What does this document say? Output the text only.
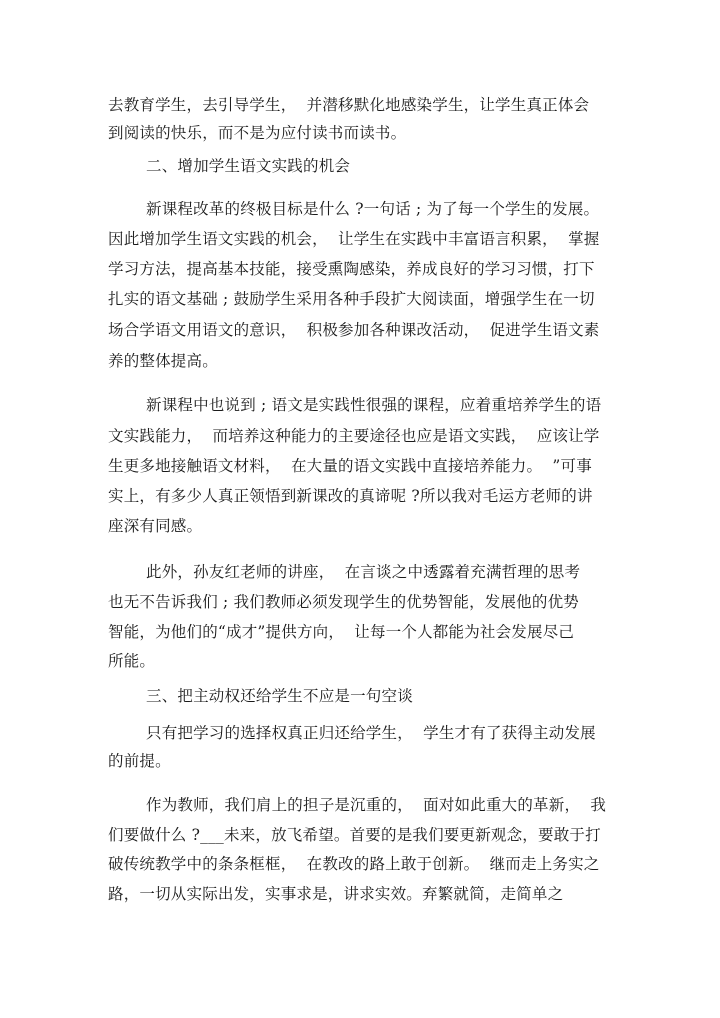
去教育学生，去引导学生，  并潜移默化地感染学生，让学生真正体会
到阅读的快乐，而不是为应付读书而读书。
二、增加学生语文实践的机会
新课程改革的终极目标是什么 ?一句话 ; 为了每一个学生的发展。
因此增加学生语文实践的机会，  让学生在实践中丰富语言积累，  掌握
学习方法，提高基本技能，接受熏陶感染，养成良好的学习习惯，打下
扎实的语文基础 ; 鼓励学生采用各种手段扩大阅读面，增强学生在一切
场合学语文用语文的意识，  积极参加各种课改活动，  促进学生语文素
养的整体提高。
新课程中也说到 ; 语文是实践性很强的课程，应着重培养学生的语
文实践能力，  而培养这种能力的主要途径也应是语文实践，  应该让学
生更多地接触语文材料，  在大量的语文实践中直接培养能力。  ”可事
实上，有多少人真正领悟到新课改的真谛呢 ?所以我对毛运方老师的讲
座深有同感。
此外，孙友红老师的讲座，  在言谈之中透露着充满哲理的思考
也无不告诉我们 ; 我们教师必须发现学生的优势智能，发展他的优势
智能，为他们的“成才”提供方向，  让每一个人都能为社会发展尽己
所能。
三、把主动权还给学生不应是一句空谈
只有把学习的选择权真正归还给学生，  学生才有了获得主动发展
的前提。
作为教师，我们肩上的担子是沉重的，  面对如此重大的革新，  我
们要做什么 ?___未来，放飞希望。首要的是我们要更新观念，要敢于打
破传统教学中的条条框框，  在教改的路上敢于创新。  继而走上务实之
路，一切从实际出发，实事求是，讲求实效。弃繁就简，走简单之
